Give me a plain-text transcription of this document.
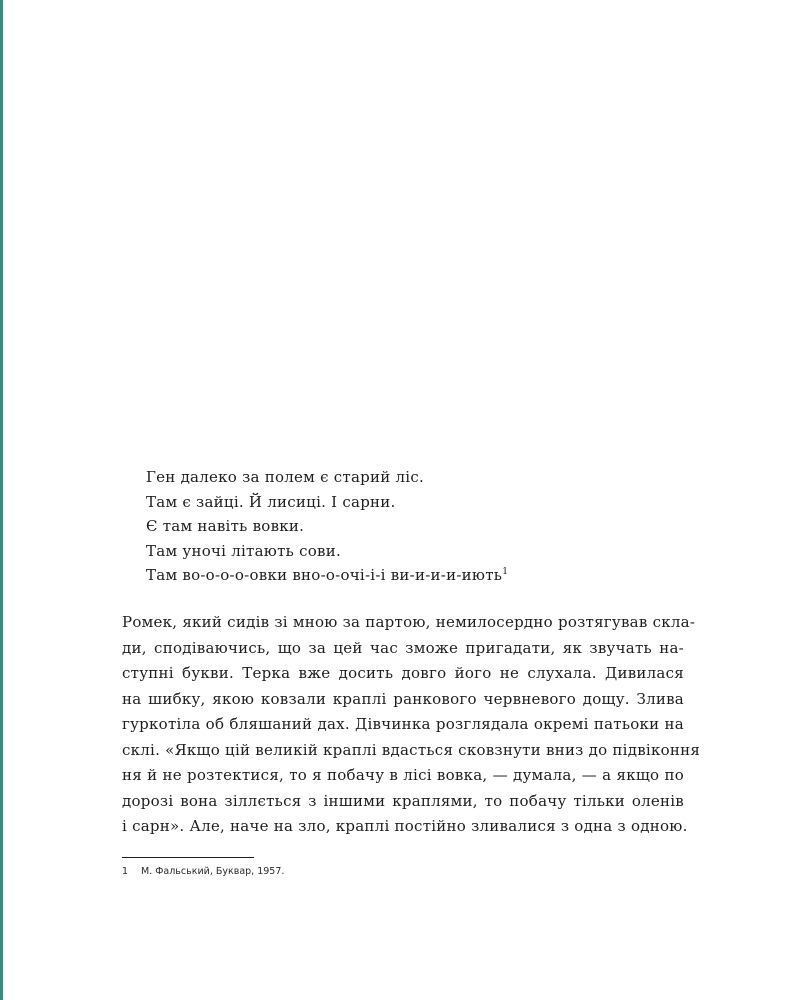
Ген далеко за полем є старий ліс.
Там є зайці. Й лисиці. І сарни.
Є там навіть вовки.
Там уночі літають сови.
Там во-о-о-о-овки вно-о-очі-і-і ви-и-и-и-иють$^1$
Ромек, який сидів зі мною за партою, немилосердно розтягував скла-
ди, сподіваючись, що за цей час зможе пригадати, як звучать на-
ступні букви. Терка вже досить довго його не слухала. Дивилася
на шибку, якою ковзали краплі ранкового червневого дощу. Злива
гуркотіла об бляшаний дах. Дівчинка розглядала окремі патьоки на
склі. «Якщо цій великій краплі вдасться сковзнути вниз до підвіконня
ня й не розтектися, то я побачу в лісі вовка, — думала, — а якщо по
дорозі вона зіллється з іншими краплями, то побачу тільки оленів
і сарн». Але, наче на зло, краплі постійно зливалися з одна з одною.
1 М. Фальський, Буквар, 1957.
